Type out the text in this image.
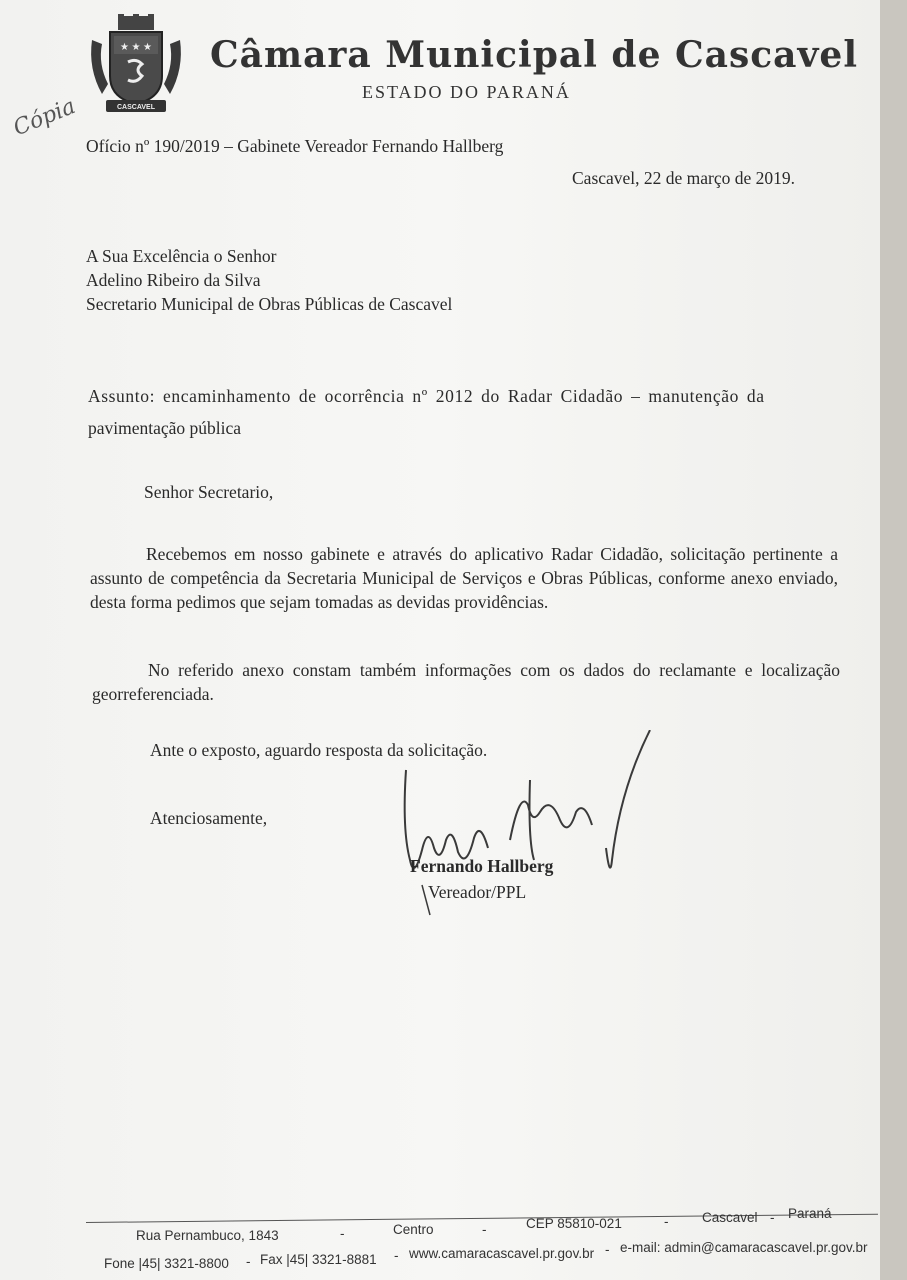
★ ★ ★
CASCAVEL
Câmara Municipal de Cascavel
ESTADO DO PARANÁ
Cópia
Ofício nº 190/2019 – Gabinete Vereador Fernando Hallberg
Cascavel, 22 de março de 2019.
A Sua Excelência o Senhor
Adelino Ribeiro da Silva
Secretario Municipal de Obras Públicas de Cascavel
Assunto: encaminhamento de ocorrência nº 2012 do Radar Cidadão – manutenção da
pavimentação pública
Senhor Secretario,
Recebemos em nosso gabinete e através do aplicativo Radar Cidadão, solicitação pertinente a assunto de competência da Secretaria Municipal de Serviços e Obras Públicas, conforme anexo enviado, desta forma pedimos que sejam tomadas as devidas providências.
No referido anexo constam também informações com os dados do reclamante e localização georreferenciada.
Ante o exposto, aguardo resposta da solicitação.
Atenciosamente,
Fernando Hallberg
Vereador/PPL
Rua Pernambuco, 1843	-	Centro	-	CEP 85810-021	- Cascavel - Paraná
Fone |45| 3321-8800 - Fax |45| 3321-8881 - www.camaracascavel.pr.gov.br - e-mail: admin@camaracascavel.pr.gov.br
